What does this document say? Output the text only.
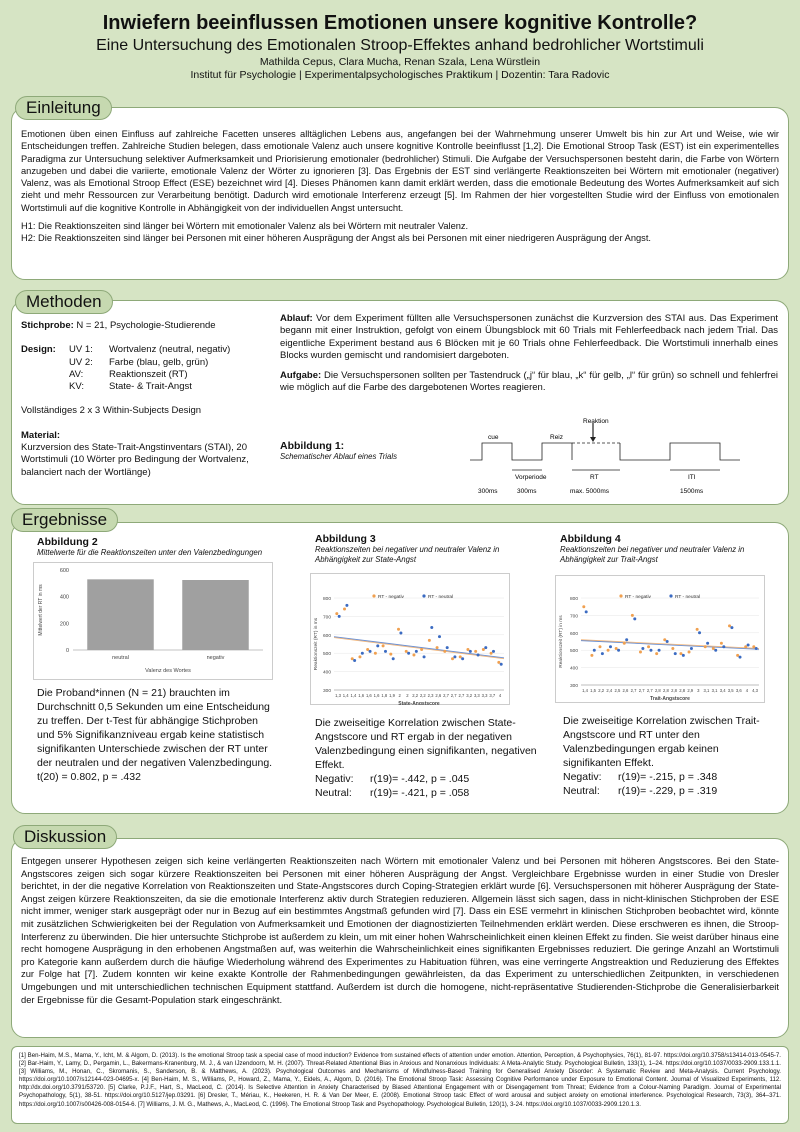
Inwiefern beeinflussen Emotionen unsere kognitive Kontrolle?
Eine Untersuchung des Emotionalen Stroop-Effektes anhand bedrohlicher Wortstimuli
Mathilda Cepus, Clara Mucha, Renan Szala, Lena Würstlein
Institut für Psychologie | Experimentalpsychologisches Praktikum | Dozentin: Tara Radovic
Einleitung
Emotionen üben einen Einfluss auf zahlreiche Facetten unseres alltäglichen Lebens aus, angefangen bei der Wahrnehmung unserer Umwelt bis hin zur Art und Weise, wie wir Entscheidungen treffen. Zahlreiche Studien belegen, dass emotionale Valenz auch unsere kognitive Kontrolle beeinflusst [1,2]. Die Emotional Stroop Task (EST) ist ein experimentelles Paradigma zur Untersuchung selektiver Aufmerksamkeit und Priorisierung emotionaler (bedrohlicher) Stimuli. Die Aufgabe der Versuchspersonen besteht darin, die Farbe von Wörtern anzugeben und dabei die variierte, emotionale Valenz der Wörter zu ignorieren [3]. Das Ergebnis der EST sind verlängerte Reaktionszeiten bei Wörtern mit emotionaler (negativer) Valenz, was als Emotional Stroop Effect (ESE) bezeichnet wird [4]. Dieses Phänomen kann damit erklärt werden, dass die emotionale Bedeutung des Wortes Aufmerksamkeit auf sich zieht und mehr Ressourcen zur Verarbeitung benötigt. Dadurch wird emotionale Interferenz erzeugt [5]. Im Rahmen der hier vorgestellten Studie wird der Einfluss von emotionalen Wortstimuli auf die kognitive Kontrolle in Abhängigkeit von der individuellen Angst untersucht.
H1: Die Reaktionszeiten sind länger bei Wörtern mit emotionaler Valenz als bei Wörtern mit neutraler Valenz.
H2: Die Reaktionszeiten sind länger bei Personen mit einer höheren Ausprägung der Angst als bei Personen mit einer niedrigeren Ausprägung der Angst.
Methoden
Stichprobe: N = 21, Psychologie-Studierende
Design:	UV 1:	Wortvalenz (neutral, negativ)
UV 2:	Farbe (blau, gelb, grün)
AV:	Reaktionszeit (RT)
KV:	State- & Trait-Angst
Vollständiges 2 x 3 Within-Subjects Design
Material:
Kurzversion des State-Trait-Angstinventars (STAI), 20 Wortstimuli (10 Wörter pro Bedingung der Wortvalenz, balanciert nach der Wortlänge)
Ablauf: Vor dem Experiment füllten alle Versuchspersonen zunächst die Kurzversion des STAI aus. Das Experiment begann mit einer Instruktion, gefolgt von einem Übungsblock mit 60 Trials mit Fehlerfeedback nach jedem Trial. Das eigentliche Experiment bestand aus 6 Blöcken mit je 60 Trials ohne Fehlerfeedback. Die Wortstimuli innerhalb eines Blocks wurden gemischt und randomisiert dargeboten.
Aufgabe: Die Versuchspersonen sollten per Tastendruck („j“ für blau, „k“ für gelb, „l“ für grün) so schnell und fehlerfrei wie möglich auf die Farbe des dargebotenen Wortes reagieren.
Abbildung 1:
Schematischer Ablauf eines Trials
cue	Reiz
Reaktion
Vorperiode	RT	ITI
300ms	300ms	max. 5000ms	1500ms
Ergebnisse
Abbildung 2
Mittelwerte für die Reaktionszeiten unter den Valenzbedingungen
0
200
400
600
Mittelwert der RT in ms
neutral	negativ
Valenz des Wortes
Die Proband*innen (N = 21) brauchten im Durchschnitt 0,5 Sekunden um eine Entscheidung zu treffen. Der t-Test für abhängige Stichproben und 5% Signifikanzniveau ergab keine statistisch signifikanten Unterschiede zwischen der RT unter der neutralen und der negativen Valenzbedingung. t(20) = 0.802, p = .432
Abbildung 3
Reaktionszeiten bei negativer und neutraler Valenz in Abhängigkeit zur State-Angst
300
400
500
600
700
800
1,3 1,4 1,4 1,6 1,6 1,6 1,8 1,9 2 2 2,2 2,2 2,3 2,6 2,7 2,7 2,7 3,2 3,3 3,3 3,7 4
State-Angstscore
Reaktionszeit (RT) in ms
RT - negativ	RT - neutral
Die zweiseitige Korrelation zwischen State-Angstscore und RT ergab in der negativen Valenzbedingung einen signifikanten, negativen Effekt.
Negativ:	r(19)= -.442, p = .045
Neutral:	r(19)= -.421, p = .058
Abbildung 4
Reaktionszeiten bei negativer und neutraler Valenz in Abhängigkeit zur Trait-Angst
300
400
500
600
700
800
1,4 1,5 2,2 2,4 2,5 2,6 2,7 2,7 2,7 2,8 2,8 2,8 2,8 2,9 3 3,1 3,1 3,4 3,5 3,6 4 4,3
Trait-Angstscore
Reaktionszeit (RT) in ms
RT - negativ	RT - neutral
Die zweiseitige Korrelation zwischen Trait-Angstscore und RT unter den Valenzbedingungen ergab keinen signifikanten Effekt.
Negativ:	r(19)= -.215, p = .348
Neutral:	r(19)= -.229, p = .319
Diskussion
Entgegen unserer Hypothesen zeigen sich keine verlängerten Reaktionszeiten nach Wörtern mit emotionaler Valenz und bei Personen mit höheren Angstscores. Bei den State-Angstscores zeigen sich sogar kürzere Reaktionszeiten bei Personen mit einer höheren Ausprägung der Angst. Vergleichbare Ergebnisse wurden in einer Studie von Dresler berichtet, in der die negative Korrelation von Reaktionszeiten und State-Angstscores durch Coping-Strategien erklärt wurde [6]. Versuchspersonen mit höherer Ausprägung der State-Angst zeigen kürzere Reaktionszeiten, da sie die emotionale Interferenz aktiv durch Strategien reduzieren. Allgemein lässt sich sagen, dass in nicht-klinischen Stichproben der ESE nicht immer, weniger stark ausgeprägt oder nur in Bezug auf ein bestimmtes Angstmaß gefunden wird [7]. Dass ein ESE vermehrt in klinischen Stichproben beobachtet wird, könnte mit zusätzlichen Schwierigkeiten bei der Regulation von Aufmerksamkeit und Emotionen der diagnostizierten Teilnehmenden erklärt werden. Diese erschweren es ihnen, die Stroop-Interferenz zu überwinden. Die hier untersuchte Stichprobe ist außerdem zu klein, um mit einer hohen Wahrscheinlichkeit einen kleinen Effekt zu finden. Sie weist darüber hinaus eine recht homogene Ausprägung in den erhobenen Angstmaßen auf, was weiterhin die Wahrscheinlichkeit eines signifikanten Ergebnisses reduziert. Die geringe Anzahl an Wortstimuli pro Kategorie kann außerdem durch die häufige Wiederholung während des Experimentes zu Habituation führen, was eine verringerte Angstreaktion und Reduzierung des Effektes zur Folge hat [7]. Zudem konnten wir keine exakte Kontrolle der Rahmenbedingungen gewährleisten, da das Experiment zu unterschiedlichen Zeitpunkten, in verschiedenen Umgebungen und mit unterschiedlichen technischen Equipment stattfand. Außerdem ist durch die homogene, nicht-repräsentative Studierenden-Stichprobe die Generalisierbarkeit der Ergebnisse für die Gesamt-Population stark eingeschränkt.
[1] Ben-Haim, M.S., Mama, Y., Icht, M. & Algom, D. (2013). Is the emotional Stroop task a special case of mood induction? Evidence from sustained effects of attention under emotion. Attention, Perception, & Psychophysics, 76(1), 81-97. https://doi.org/10.3758/s13414-013-0545-7. [2] Bar-Haim, Y., Lamy, D., Pergamin, L., Bakermans-Kranenburg, M. J., & van IJzendoorn, M. H. (2007). Threat-Related Attentional Bias in Anxious and Nonanxious Individuals: A Meta-Analytic Study. Psychological Bulletin, 133(1), 1–24. https://doi.org/10.1037/0033-2909.133.1.1. [3] Williams, M., Honan, C., Skromanis, S., Sanderson, B. & Matthews, A. (2023). Psychological Outcomes and Mechanisms of Mindfulness-Based Training for Generalised Anxiety Disorder: A Systematic Review and Meta-Analysis. Current Psychology. https://doi.org/10.1007/s12144-023-04695-x. [4] Ben-Haim, M. S., Williams, P., Howard, Z., Mama, Y., Eidels, A., Algom, D. (2016). The Emotional Stroop Task: Assessing Cognitive Performance under Exposure to Emotional Content. Journal of Visualized Experiments, 112. http://dx.doi.org/10.3791/53720. [5] Clarke, P.J.F., Hart, S., MacLeod, C. (2014). Is Selective Attention in Anxiety Characterised by Biased Attentional Engagement with or Disengagement from Threat; Evidence from a Colour-Naming Paradigm. Journal of Experimental Psychopathology, 5(1), 38-51. https://doi.org/10.5127/jep.03291. [6] Dresler, T., Mériau, K., Heekeren, H. R. & Van Der Meer, E. (2008). Emotional Stroop task: Effect of word arousal and subject anxiety on emotional interference. Psychological Research, 73(3), 364–371. https://doi.org/10.1007/s00426-008-0154-6. [7] Williams, J. M. G., Mathews, A., MacLeod, C. (1996). The Emotional Stroop Task and Psychopathology. Psychological Bulletin, 120(1), 3-24. https://doi.org/10.1037/0033-2909.120.1.3.
